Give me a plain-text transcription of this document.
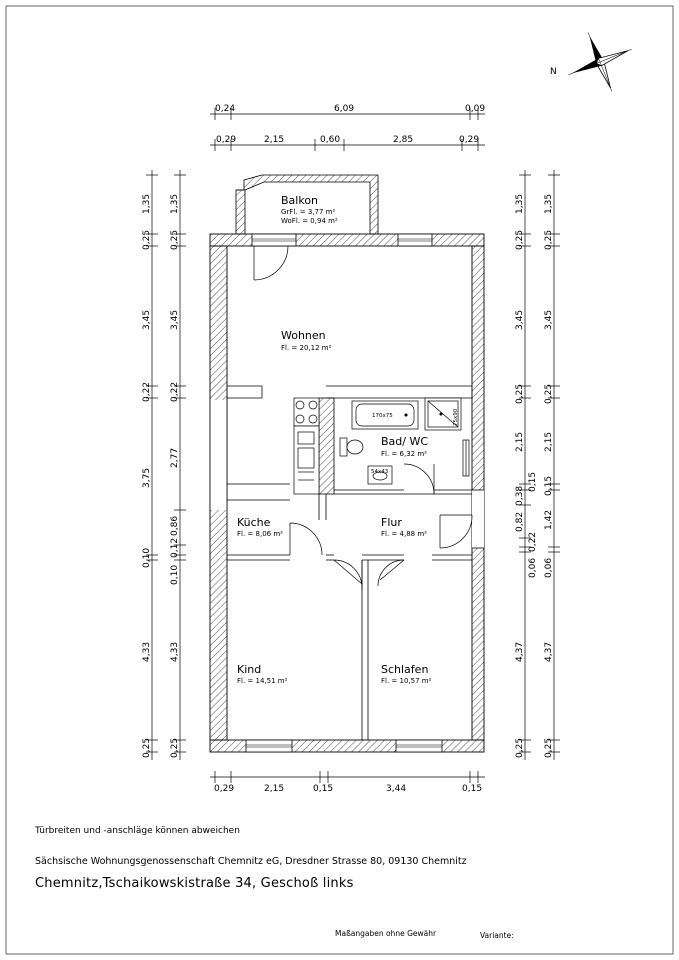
N
0,24	6,09	0,09
0,29	2,15	0,60	2,85	0,29
1,35
0,25
3,45
0,22
3,75
0,10
4,33
0,25
1,35
0,25
3,45
0,22
2,77
0,86
0,12
0,10
4,33
0,25
1,35
0,25
3,45
0,25
2,15
0,15
0,38
0,82
0,22
0,06
4,37
0,25
1,35
0,25
3,45
0,25
2,15
0,15
1,42
0,06
4,37
0,25
0,29	2,15	0,15	3,44	0,15
170x75	75x90
54x43
Balkon
GrFl. = 3,77 m²
WoFl. = 0,94 m²
Wohnen
Fl. = 20,12 m²
Bad/ WC
Fl. = 6,32 m²
Küche
Fl. = 8,06 m²
Flur
Fl. = 4,88 m²
Kind
Fl. = 14,51 m²
Schlafen
Fl. = 10,57 m²
Türbreiten und -anschläge können abweichen
Sächsische Wohnungsgenossenschaft Chemnitz eG, Dresdner Strasse 80, 09130 Chemnitz
Chemnitz,Tschaikowskistraße 34, Geschoß links
Maßangaben ohne Gewähr	Variante:
